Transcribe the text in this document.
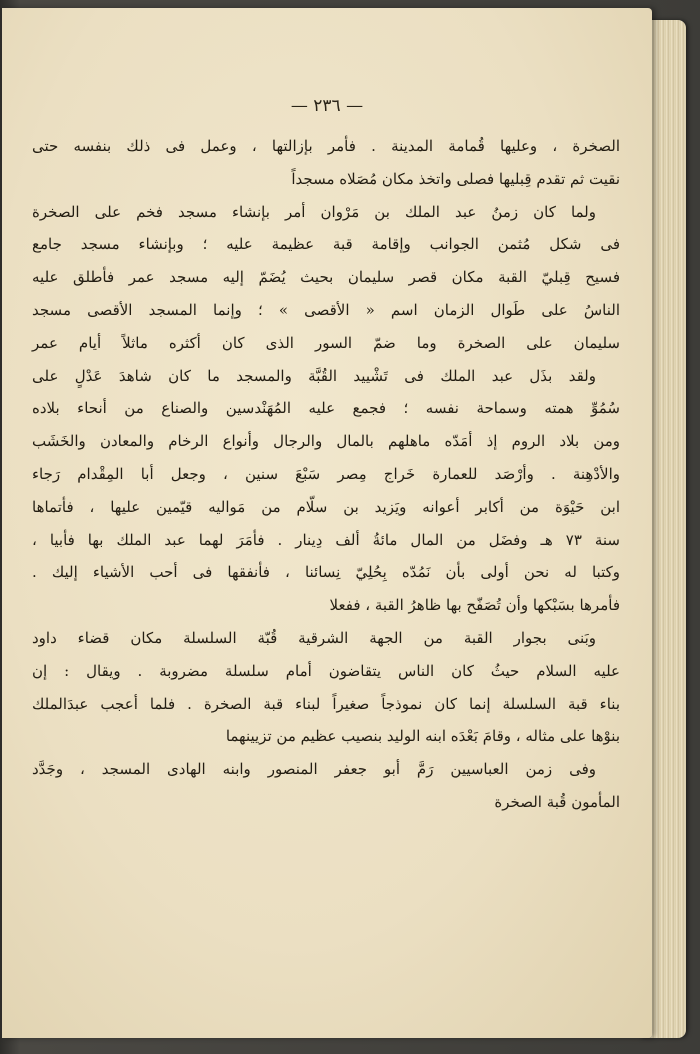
— ٢٣٦ —
الصخرة ، وعليها قُمامة المدينة . فأمر بإزالتها ، وعمل فى ذلك بنفسه حتى
نقيت ثم تقدم قِبليها فصلى واتخذ مكان مُصَلاه مسجداً
ولما كان زمنُ عبد الملك بن مَرْوان أمر بإنشاء مسجد فخم على الصخرة
فى شكل مُثمن الجوانب وإقامة قبة عظيمة عليه ؛ وبإنشاء مسجد جامع
فسيح قِبليّ القبة مكان قصر سليمان بحيث يُضَمّ إليه مسجد عمر فأطلق عليه
الناسُ على طَوال الزمان اسم « الأقصى » ؛ وإنما المسجد الأقصى مسجد
سليمان على الصخرة وما ضمّ السور الذى كان أكثره ماثلاً أيام عمر
ولقد بذَل عبد الملك فى تَشْييد القُبَّة والمسجد ما كان شاهدَ عَدْلٍ على
سُمُوِّ همته وسماحة نفسه ؛ فجمع عليه المُهَنْدسين والصناع من أنحاء بلاده
ومن بلاد الروم إذ أمَدّه ماهلهم بالمال والرجال وأنواع الرخام والمعادن والخَشَب
والأدْهِنة . وأرْصَد للعمارة خَراج مِصر سَبْعَ سنين ، وجعل أبا المِقْدام رَجاء
ابن حَيْوَة من أكابر أعوانه ويَزيد بن سلّام من مَواليه قيّمين عليها ، فأتماها
سنة ٧٣ هـ وفضَل من المال مائةُ ألف دِينار . فأمَرَ لهما عبد الملك بها فأبيا ،
وكتبا له نحن أولى بأن نَمُدّه بِحُلِيّ نِسائنا ، فأنفقها فى أحب الأشياء إليك .
فأمرها بسَبْكها وأن تُصَفّح بها ظاهرُ القبة ، ففعلا
وبَنى بجوار القبة من الجهة الشرقية قُبّة السلسلة مكان قضاء داود
عليه السلام حيثُ كان الناس يتقاضون أمام سلسلة مضروبة . ويقال : إن
بناء قبة السلسلة إنما كان نموذجاً صغيراً لبناء قبة الصخرة . فلما أعجب عبدَالملك
بنوْها على مثاله ، وقامَ بَعْدَه ابنه الوليد بنصيب عظيم من تزيينهما
وفى زمن العباسيين رَمَّ أبو جعفر المنصور وابنه الهادى المسجد ، وجَدَّد
المأمون قُبة الصخرة
